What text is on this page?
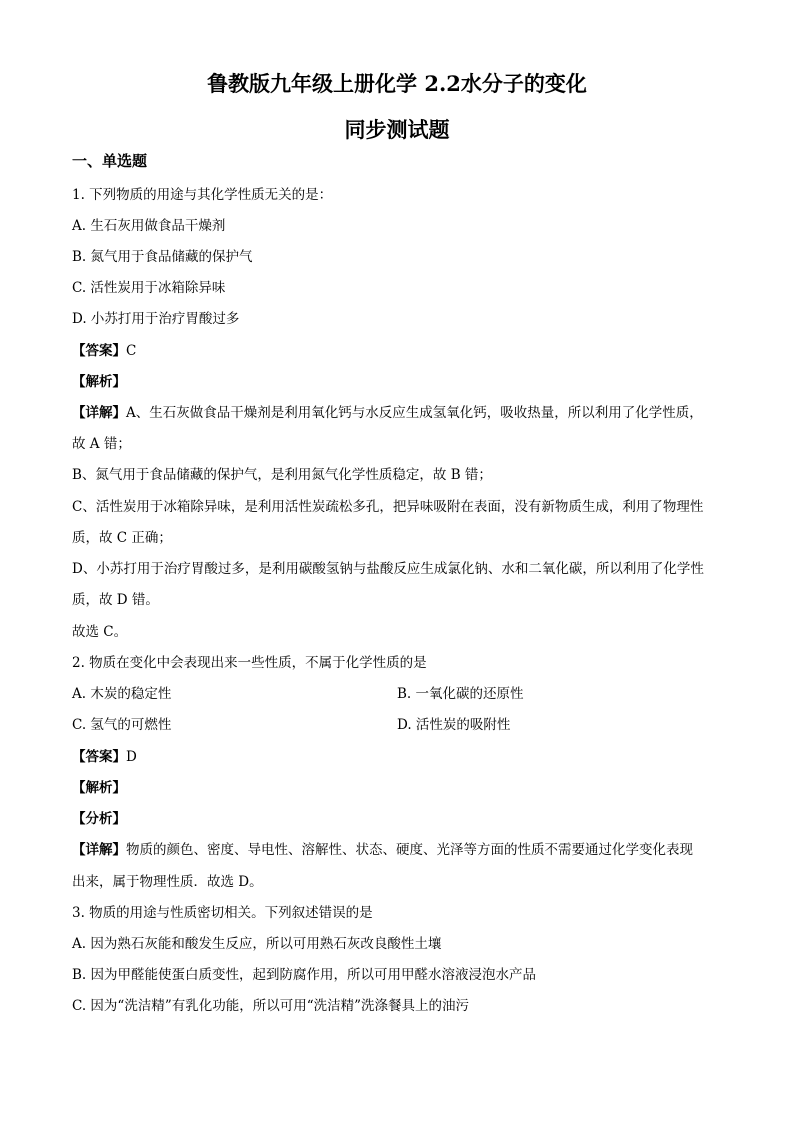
鲁教版九年级上册化学 2.2水分子的变化
同步测试题
一、单选题
1. 下列物质的用途与其化学性质无关的是：
A. 生石灰用做食品干燥剂
B. 氮气用于食品储藏的保护气
C. 活性炭用于冰箱除异味
D. 小苏打用于治疗胃酸过多
【答案】C
【解析】
【详解】A、生石灰做食品干燥剂是利用氧化钙与水反应生成氢氧化钙，吸收热量，所以利用了化学性质，
故 A 错；
B、氮气用于食品储藏的保护气，是利用氮气化学性质稳定，故 B 错；
C、活性炭用于冰箱除异味，是利用活性炭疏松多孔，把异味吸附在表面，没有新物质生成，利用了物理性
质，故 C 正确；
D、小苏打用于治疗胃酸过多，是利用碳酸氢钠与盐酸反应生成氯化钠、水和二氧化碳，所以利用了化学性
质，故 D 错。
故选 C。
2. 物质在变化中会表现出来一些性质，不属于化学性质的是
A. 木炭的稳定性	B. 一氧化碳的还原性
C. 氢气的可燃性	D. 活性炭的吸附性
【答案】D
【解析】
【分析】
【详解】物质的颜色、密度、导电性、溶解性、状态、硬度、光泽等方面的性质不需要通过化学变化表现
出来，属于物理性质．故选 D。
3. 物质的用途与性质密切相关。下列叙述错误的是
A. 因为熟石灰能和酸发生反应，所以可用熟石灰改良酸性土壤
B. 因为甲醛能使蛋白质变性，起到防腐作用，所以可用甲醛水溶液浸泡水产品
C. 因为“洗洁精”有乳化功能，所以可用“洗洁精”洗涤餐具上的油污
